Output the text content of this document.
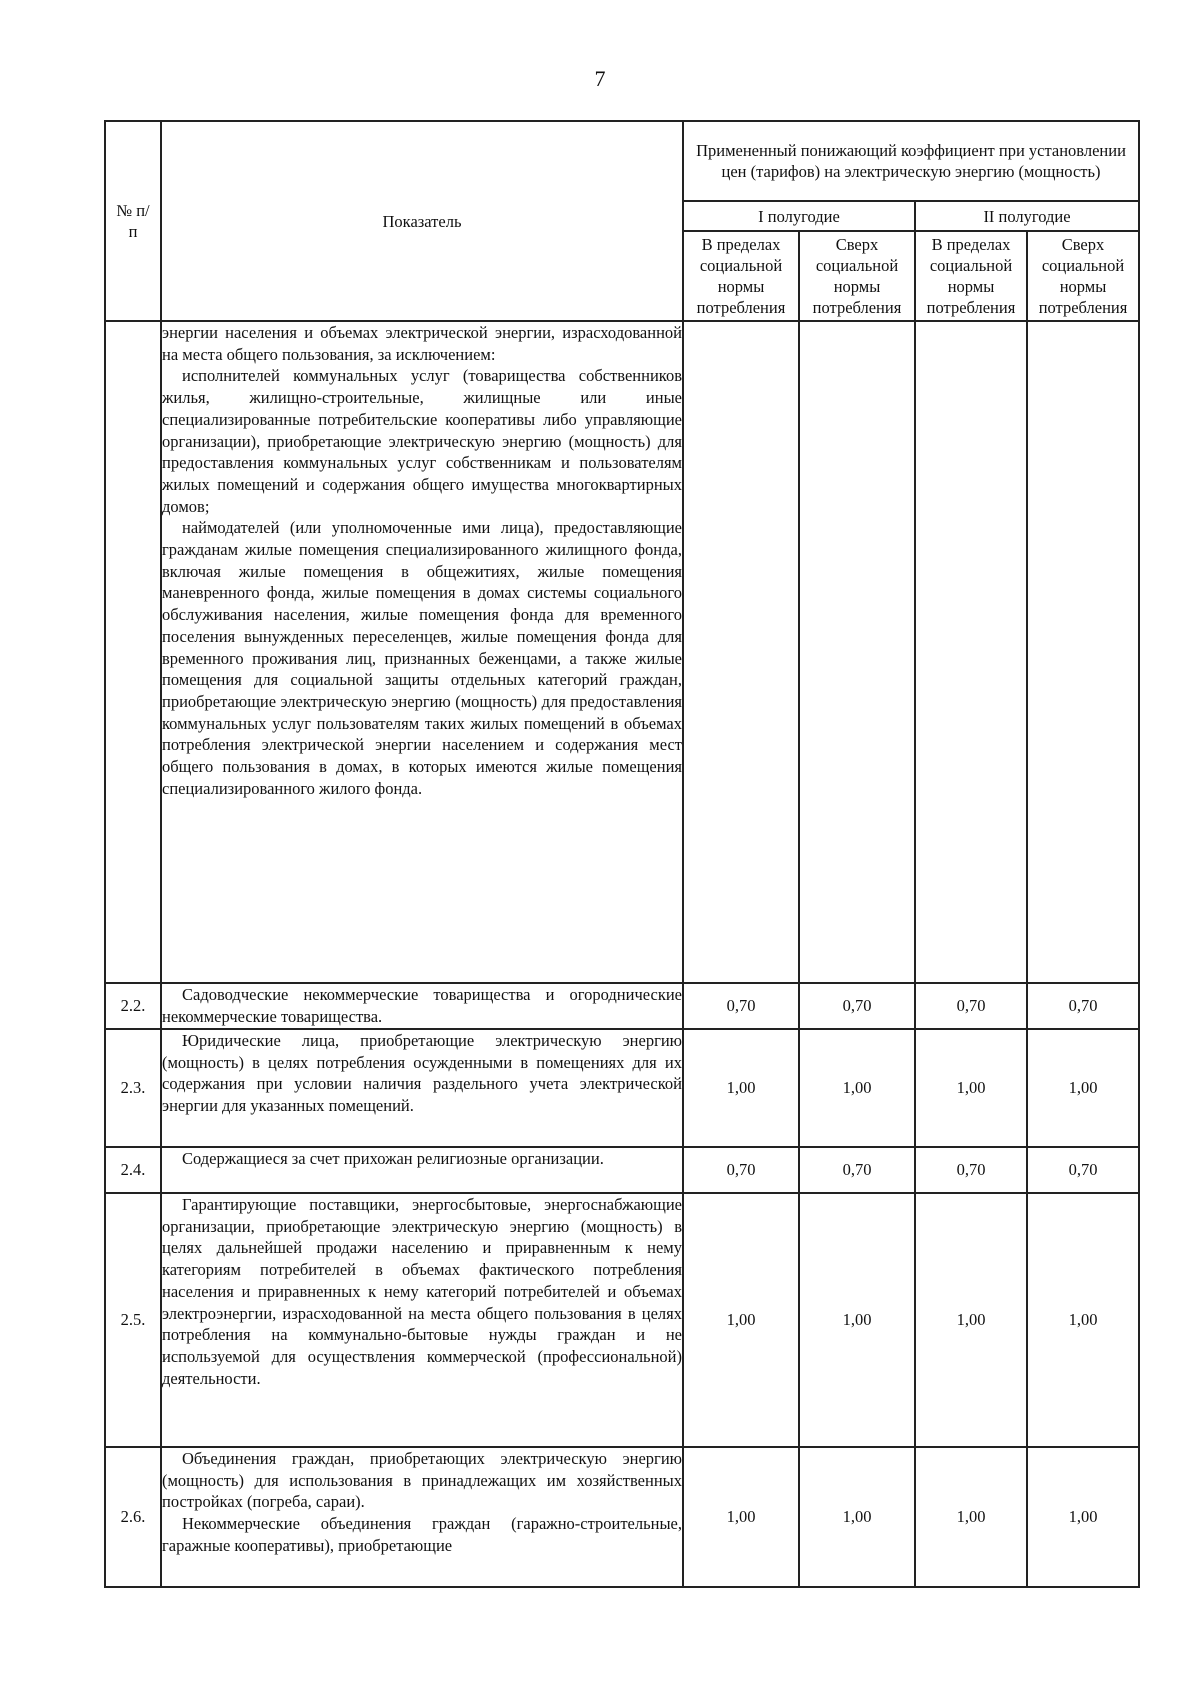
7
№ п/п	Показатель	Примененный понижающий коэффициент при установлении цен (тарифов) на электрическую энергию (мощность)			
		I полугодие		II полугодие	
		В пределах социальной нормы потребления	Сверх социальной нормы потребления	В пределах социальной нормы потребления	Сверх социальной нормы потребления

	энергии населения и объемах электрической энергии, израсходованной на места общего пользования, за исключением:

исполнителей коммунальных услуг (товарищества собственников жилья, жилищно-строительные, жилищные или иные специализированные потребительские кооперативы либо управляющие организации), приобретающие электрическую энергию (мощность) для предоставления коммунальных услуг собственникам и пользователям жилых помещений и содержания общего имущества многоквартирных домов;

наймодателей (или уполномоченные ими лица), предоставляющие гражданам жилые помещения специализированного жилищного фонда, включая жилые помещения в общежитиях, жилые помещения маневренного фонда, жилые помещения в домах системы социального обслуживания населения, жилые помещения фонда для временного поселения вынужденных переселенцев, жилые помещения фонда для временного проживания лиц, признанных беженцами, а также жилые помещения для социальной защиты отдельных категорий граждан, приобретающие электрическую энергию (мощность) для предоставления коммунальных услуг пользователям таких жилых помещений в объемах потребления электрической энергии населением и содержания мест общего пользования в домах, в которых имеются жилые помещения специализированного жилого фонда.				

2.2.	Садоводческие некоммерческие товарищества и огороднические некоммерческие товарищества.	0,70	0,70	0,70	0,70
2.3.	Юридические лица, приобретающие электрическую энергию (мощность) в целях потребления осужденными в помещениях для их содержания при условии наличия раздельного учета электрической энергии для указанных помещений.	1,00	1,00	1,00	1,00
2.4.	Содержащиеся за счет прихожан религиозные организации.	0,70	0,70	0,70	0,70
2.5.	Гарантирующие поставщики, энергосбытовые, энергоснабжающие организации, приобретающие электрическую энергию (мощность) в целях дальнейшей продажи населению и приравненным к нему категориям потребителей в объемах фактического потребления населения и приравненных к нему категорий потребителей и объемах электроэнергии, израсходованной на места общего пользования в целях потребления на коммунально-бытовые нужды граждан и не используемой для осуществления коммерческой (профессиональной) деятельности.	1,00	1,00	1,00	1,00
2.6.	Объединения граждан, приобретающих электрическую энергию (мощность) для использования в принадлежащих им хозяйственных постройках (погреба, сараи).

Некоммерческие объединения граждан (гаражно-строительные, гаражные кооперативы), приобретающие	1,00	1,00	1,00	1,00
